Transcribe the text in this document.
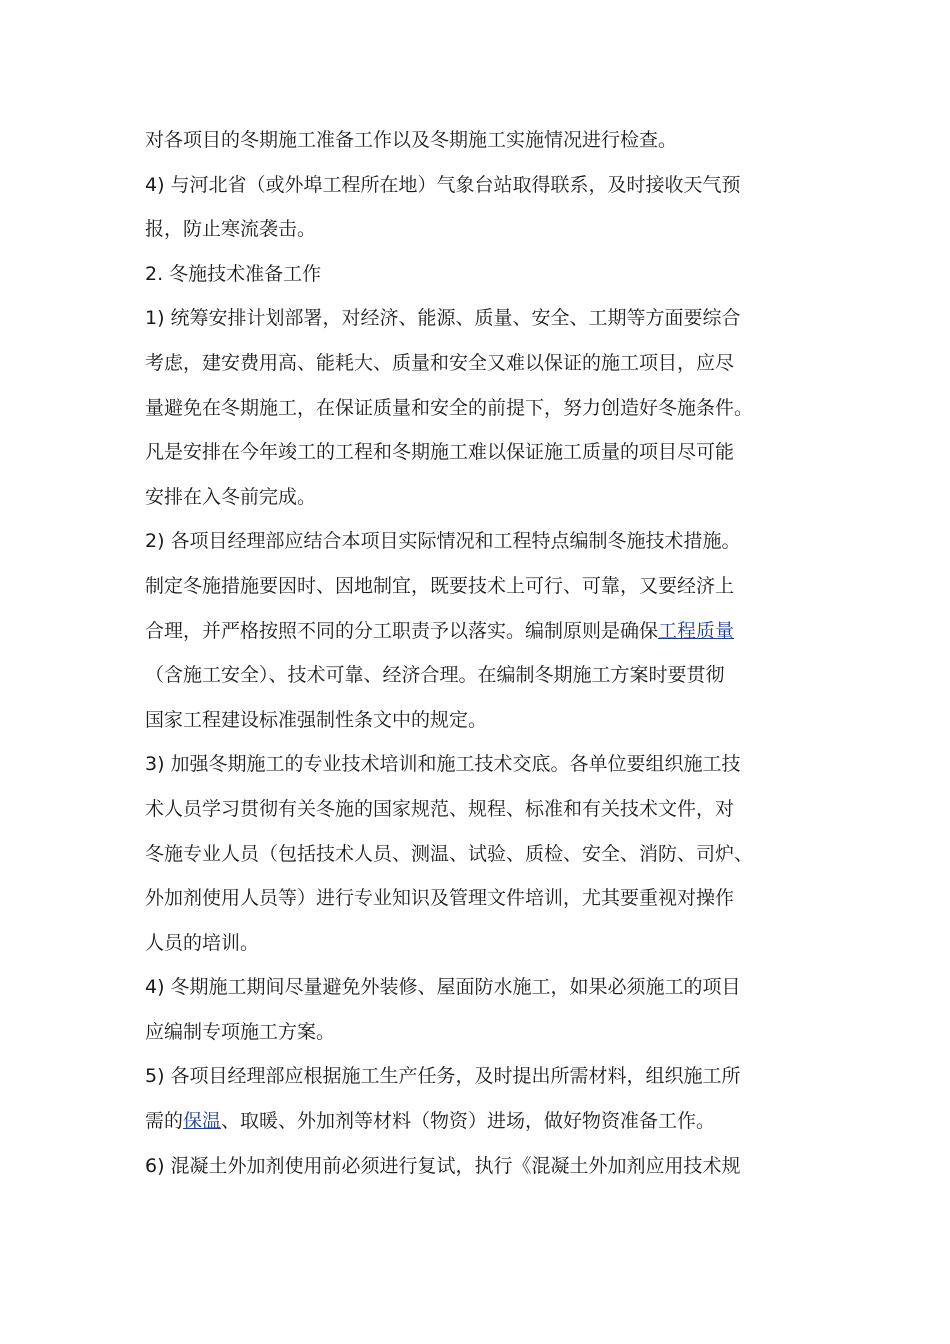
对各项目的冬期施工准备工作以及冬期施工实施情况进行检查。
4) 与河北省（或外埠工程所在地）气象台站取得联系，及时接收天气预
报，防止寒流袭击。
2. 冬施技术准备工作
1) 统筹安排计划部署，对经济、能源、质量、安全、工期等方面要综合
考虑，建安费用高、能耗大、质量和安全又难以保证的施工项目，应尽
量避免在冬期施工，在保证质量和安全的前提下，努力创造好冬施条件。
凡是安排在今年竣工的工程和冬期施工难以保证施工质量的项目尽可能
安排在入冬前完成。
2) 各项目经理部应结合本项目实际情况和工程特点编制冬施技术措施。
制定冬施措施要因时、因地制宜，既要技术上可行、可靠，又要经济上
合理，并严格按照不同的分工职责予以落实。编制原则是确保工程质量
（含施工安全）、技术可靠、经济合理。在编制冬期施工方案时要贯彻
国家工程建设标准强制性条文中的规定。
3) 加强冬期施工的专业技术培训和施工技术交底。各单位要组织施工技
术人员学习贯彻有关冬施的国家规范、规程、标准和有关技术文件，对
冬施专业人员（包括技术人员、测温、试验、质检、安全、消防、司炉、
外加剂使用人员等）进行专业知识及管理文件培训，尤其要重视对操作
人员的培训。
4) 冬期施工期间尽量避免外装修、屋面防水施工，如果必须施工的项目
应编制专项施工方案。
5) 各项目经理部应根据施工生产任务，及时提出所需材料，组织施工所
需的保温、取暖、外加剂等材料（物资）进场，做好物资准备工作。
6) 混凝土外加剂使用前必须进行复试，执行《混凝土外加剂应用技术规
